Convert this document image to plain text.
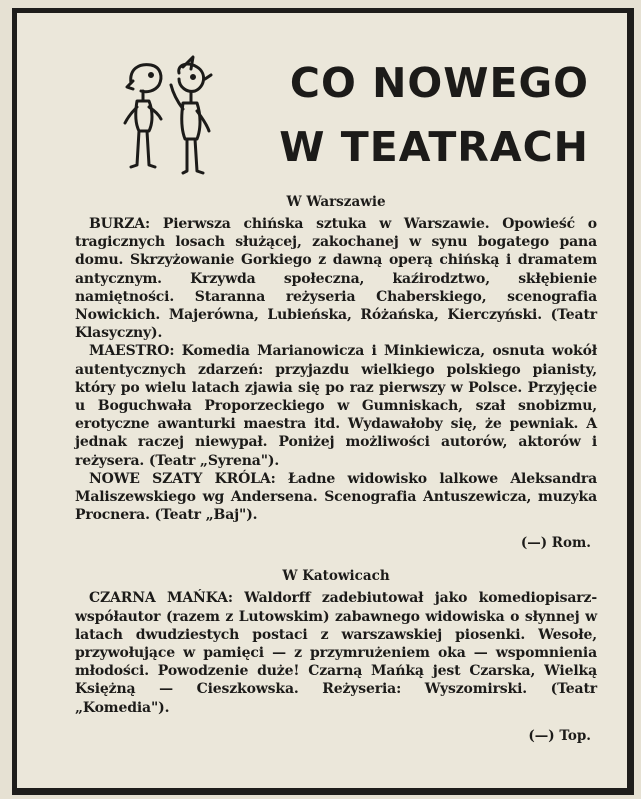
CO NOWEGO
W TEATRACH
W Warszawie

BURZA: Pierwsza chińska sztuka w Warszawie. Opowieść o tragicznych losach służącej, zakochanej w synu bogatego pana domu. Skrzyżowanie Gorkiego z dawną operą chińską i dramatem antycznym. Krzywda społeczna, kaźirodztwo, skłębienie namiętności. Staranna reżyseria Chaberskiego, scenografia Nowickich. Majerówna, Lubieńska, Różańska, Kierczyński. (Teatr Klasyczny).

MAESTRO: Komedia Marianowicza i Minkiewicza, osnuta wokół autentycznych zdarzeń: przyjazdu wielkiego polskiego pianisty, który po wielu latach zjawia się po raz pierwszy w Polsce. Przyjęcie u Boguchwała Proporzeckiego w Gumniskach, szał snobizmu, erotyczne awanturki maestra itd. Wydawałoby się, że pewniak. A jednak raczej niewypał. Poniżej możliwości autorów, aktorów i reżysera. (Teatr „Syrena").

NOWE SZATY KRÓLA: Ładne widowisko lalkowe Aleksandra Maliszewskiego wg Andersena. Scenografia Antuszewicza, muzyka Procnera. (Teatr „Baj").

(—) Rom.
W Katowicach

CZARNA MAŃKA: Waldorff zadebiutował jako komediopisarz-współautor (razem z Lutowskim) zabawnego widowiska o słynnej w latach dwudziestych postaci z warszawskiej piosenki. Wesołe, przywołujące w pamięci — z przymrużeniem oka — wspomnienia młodości. Powodzenie duże! Czarną Mańką jest Czarska, Wielką Księżną — Cieszkowska. Reżyseria: Wyszomirski. (Teatr „Komedia").

(—) Top.
